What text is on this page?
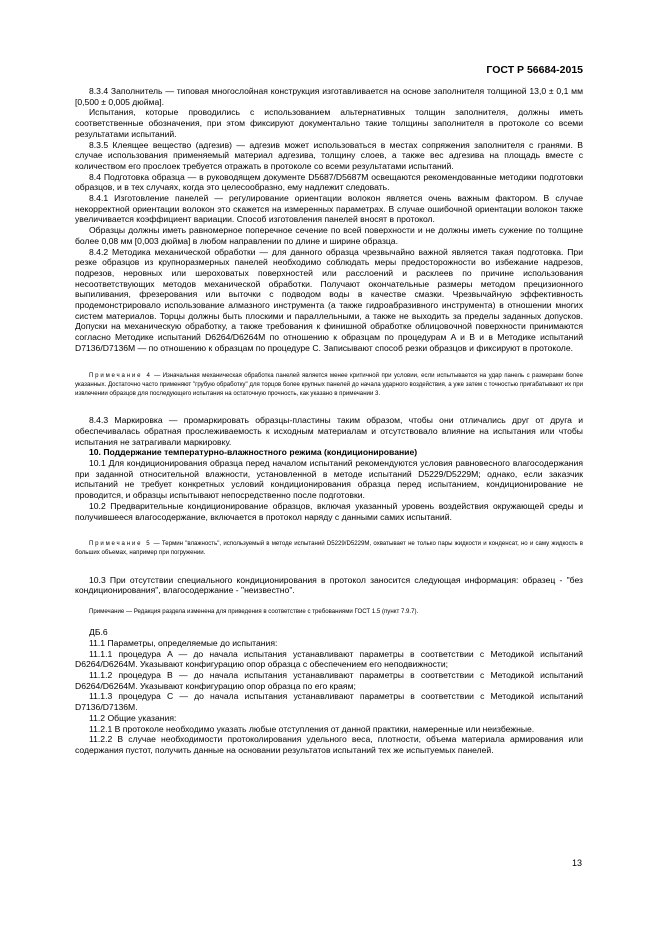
ГОСТ Р 56684-2015

8.3.4 Заполнитель — типовая многослойная конструкция изготавливается на основе заполнителя толщиной 13,0 ± 0,1 мм [0,500 ± 0,005 дюйма].

Испытания, которые проводились с использованием альтернативных толщин заполнителя, должны иметь соответственные обозначения, при этом фиксируют документально такие толщины заполнителя в протоколе со всеми результатами испытаний.

8.3.5 Клеящее вещество (адгезив) — адгезив может использоваться в местах сопряжения заполнителя с гранями. В случае использования применяемый материал адгезива, толщину слоев, а также вес адгезива на площадь вместе с количеством его прослоек требуется отражать в протоколе со всеми результатами испытаний.

8.4 Подготовка образца — в руководящем документе D5687/D5687M освещаются рекомендованные методики подготовки образцов, и в тех случаях, когда это целесообразно, ему надлежит следовать.

8.4.1 Изготовление панелей — регулирование ориентации волокон является очень важным фактором. В случае некорректной ориентации волокон это скажется на измеренных параметрах. В случае ошибочной ориентации волокон также увеличивается коэффициент вариации. Способ изготовления панелей вносят в протокол.

Образцы должны иметь равномерное поперечное сечение по всей поверхности и не должны иметь сужение по толщине более 0,08 мм [0,003 дюйма] в любом направлении по длине и ширине образца.

8.4.2 Методика механической обработки — для данного образца чрезвычайно важной является такая подготовка. При резке образцов из крупноразмерных панелей необходимо соблюдать меры предосторожности во избежание надрезов, подрезов, неровных или шероховатых поверхностей или расслоений и расклеев по причине использования несоответствующих методов механической обработки. Получают окончательные размеры методом прецизионного выпиливания, фрезерования или выточки с подводом воды в качестве смазки. Чрезвычайную эффективность продемонстрировало использование алмазного инструмента (а также гидроабразивного инструмента) в отношении многих систем материалов. Торцы должны быть плоскими и параллельными, а также не выходить за пределы заданных допусков. Допуски на механическую обработку, а также требования к финишной обработке облицовочной поверхности принимаются согласно Методике испытаний D6264/D6264M по отношению к образцам по процедурам A и B и в Методике испытаний D7136/D7136M — по отношению к образцам по процедуре C. Записывают способ резки образцов и фиксируют в протоколе.

Примечание 4 — Изначальная механическая обработка панелей является менее критичной при условии, если испытывается на удар панель с размерами более указанных. Достаточно часто применяют "грубую обработку" для торцов более крупных панелей до начала ударного воздействия, а уже затем с точностью пригабатывают их при извлечении образцов для последующего испытания на остаточную прочность, как указано в примечании 3.

8.4.3 Маркировка — промаркировать образцы-пластины таким образом, чтобы они отличались друг от друга и обеспечивалась обратная прослеживаемость к исходным материалам и отсутствовало влияние на испытания или чтобы испытания не затрагивали маркировку.

10. Поддержание температурно-влажностного режима (кондиционирование)

10.1 Для кондиционирования образца перед началом испытаний рекомендуются условия равновесного влагосодержания при заданной относительной влажности, установленной в методе испытаний D5229/D5229M; однако, если заказчик испытаний не требует конкретных условий кондиционирования образца перед испытанием, кондиционирование не проводится, и образцы испытывают непосредственно после подготовки.

10.2 Предварительные кондиционирование образцов, включая указанный уровень воздействия окружающей среды и получившееся влагосодержание, включается в протокол наряду с данными самих испытаний.

Примечание 5 — Термин "влажность", используемый в методе испытаний D5229/D5229M, охватывает не только пары жидкости и конденсат, но и саму жидкость в больших объемах, например при погружении.

10.3 При отсутствии специального кондиционирования в протокол заносится следующая информация: образец - "без кондиционирования", влагосодержание - "неизвестно".

Примечание — Редакция раздела изменена для приведения в соответствие с требованиями ГОСТ 1.5 (пункт 7.9.7).

ДБ.6

11.1 Параметры, определяемые до испытания:

11.1.1 процедура A — до начала испытания устанавливают параметры в соответствии с Методикой испытаний D6264/D6264M. Указывают конфигурацию опор образца с обеспечением его неподвижности;

11.1.2 процедура B — до начала испытания устанавливают параметры в соответствии с Методикой испытаний D6264/D6264M. Указывают конфигурацию опор образца по его краям;

11.1.3 процедура C — до начала испытания устанавливают параметры в соответствии с Методикой испытаний D7136/D7136M.

11.2 Общие указания:

11.2.1 В протоколе необходимо указать любые отступления от данной практики, намеренные или неизбежные.

11.2.2 В случае необходимости протоколирования удельного веса, плотности, объема материала армирования или содержания пустот, получить данные на основании результатов испытаний тех же испытуемых панелей.

13
